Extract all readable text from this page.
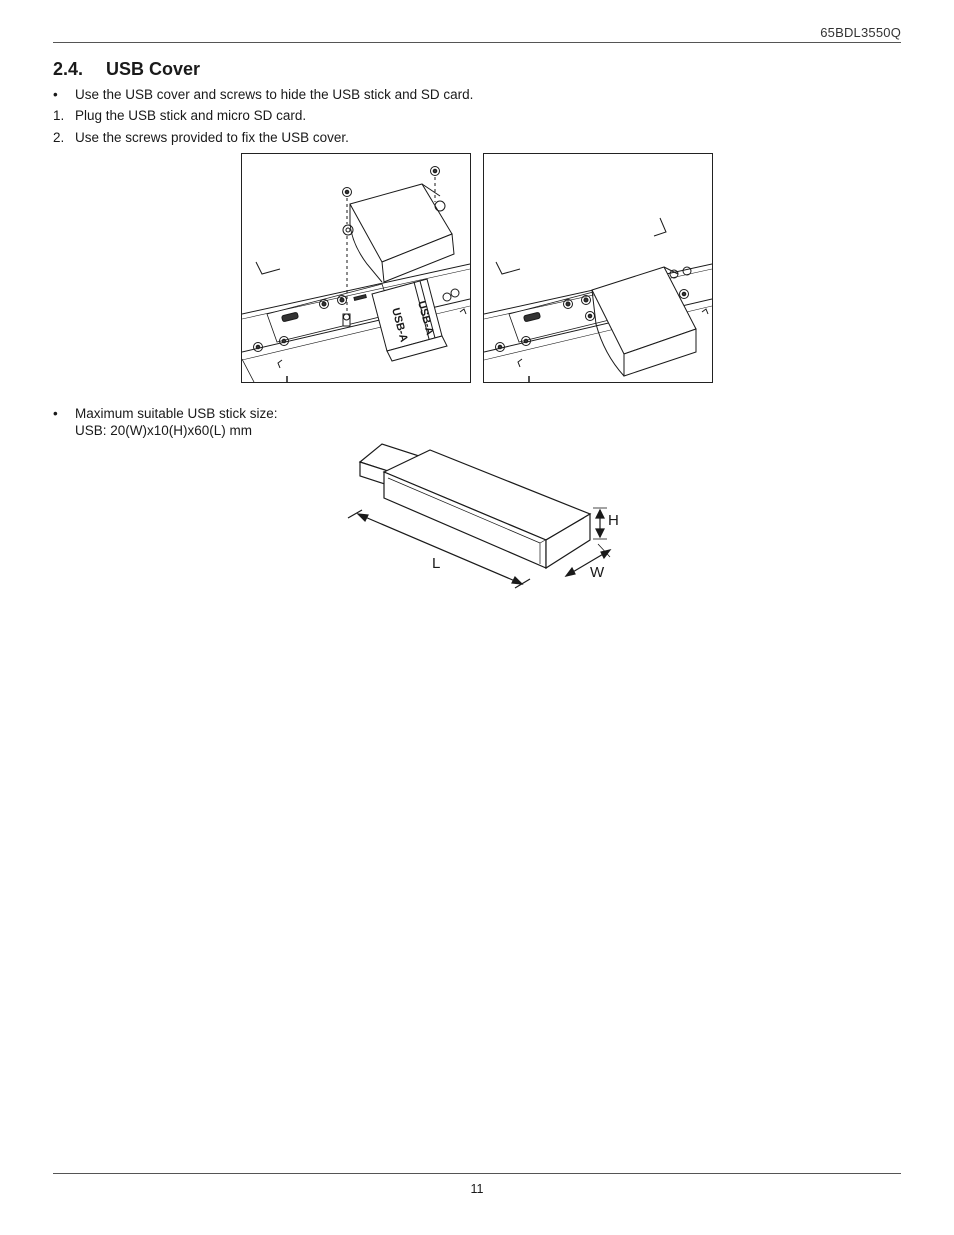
65BDL3550Q
2.4. USB Cover
• Use the USB cover and screws to hide the USB stick and SD card.
1. Plug the USB stick and micro SD card.
2. Use the screws provided to fix the USB cover.
USB-A USB-A
• Maximum suitable USB stick size:
USB: 20(W)x10(H)x60(L) mm
L
W
H
11
